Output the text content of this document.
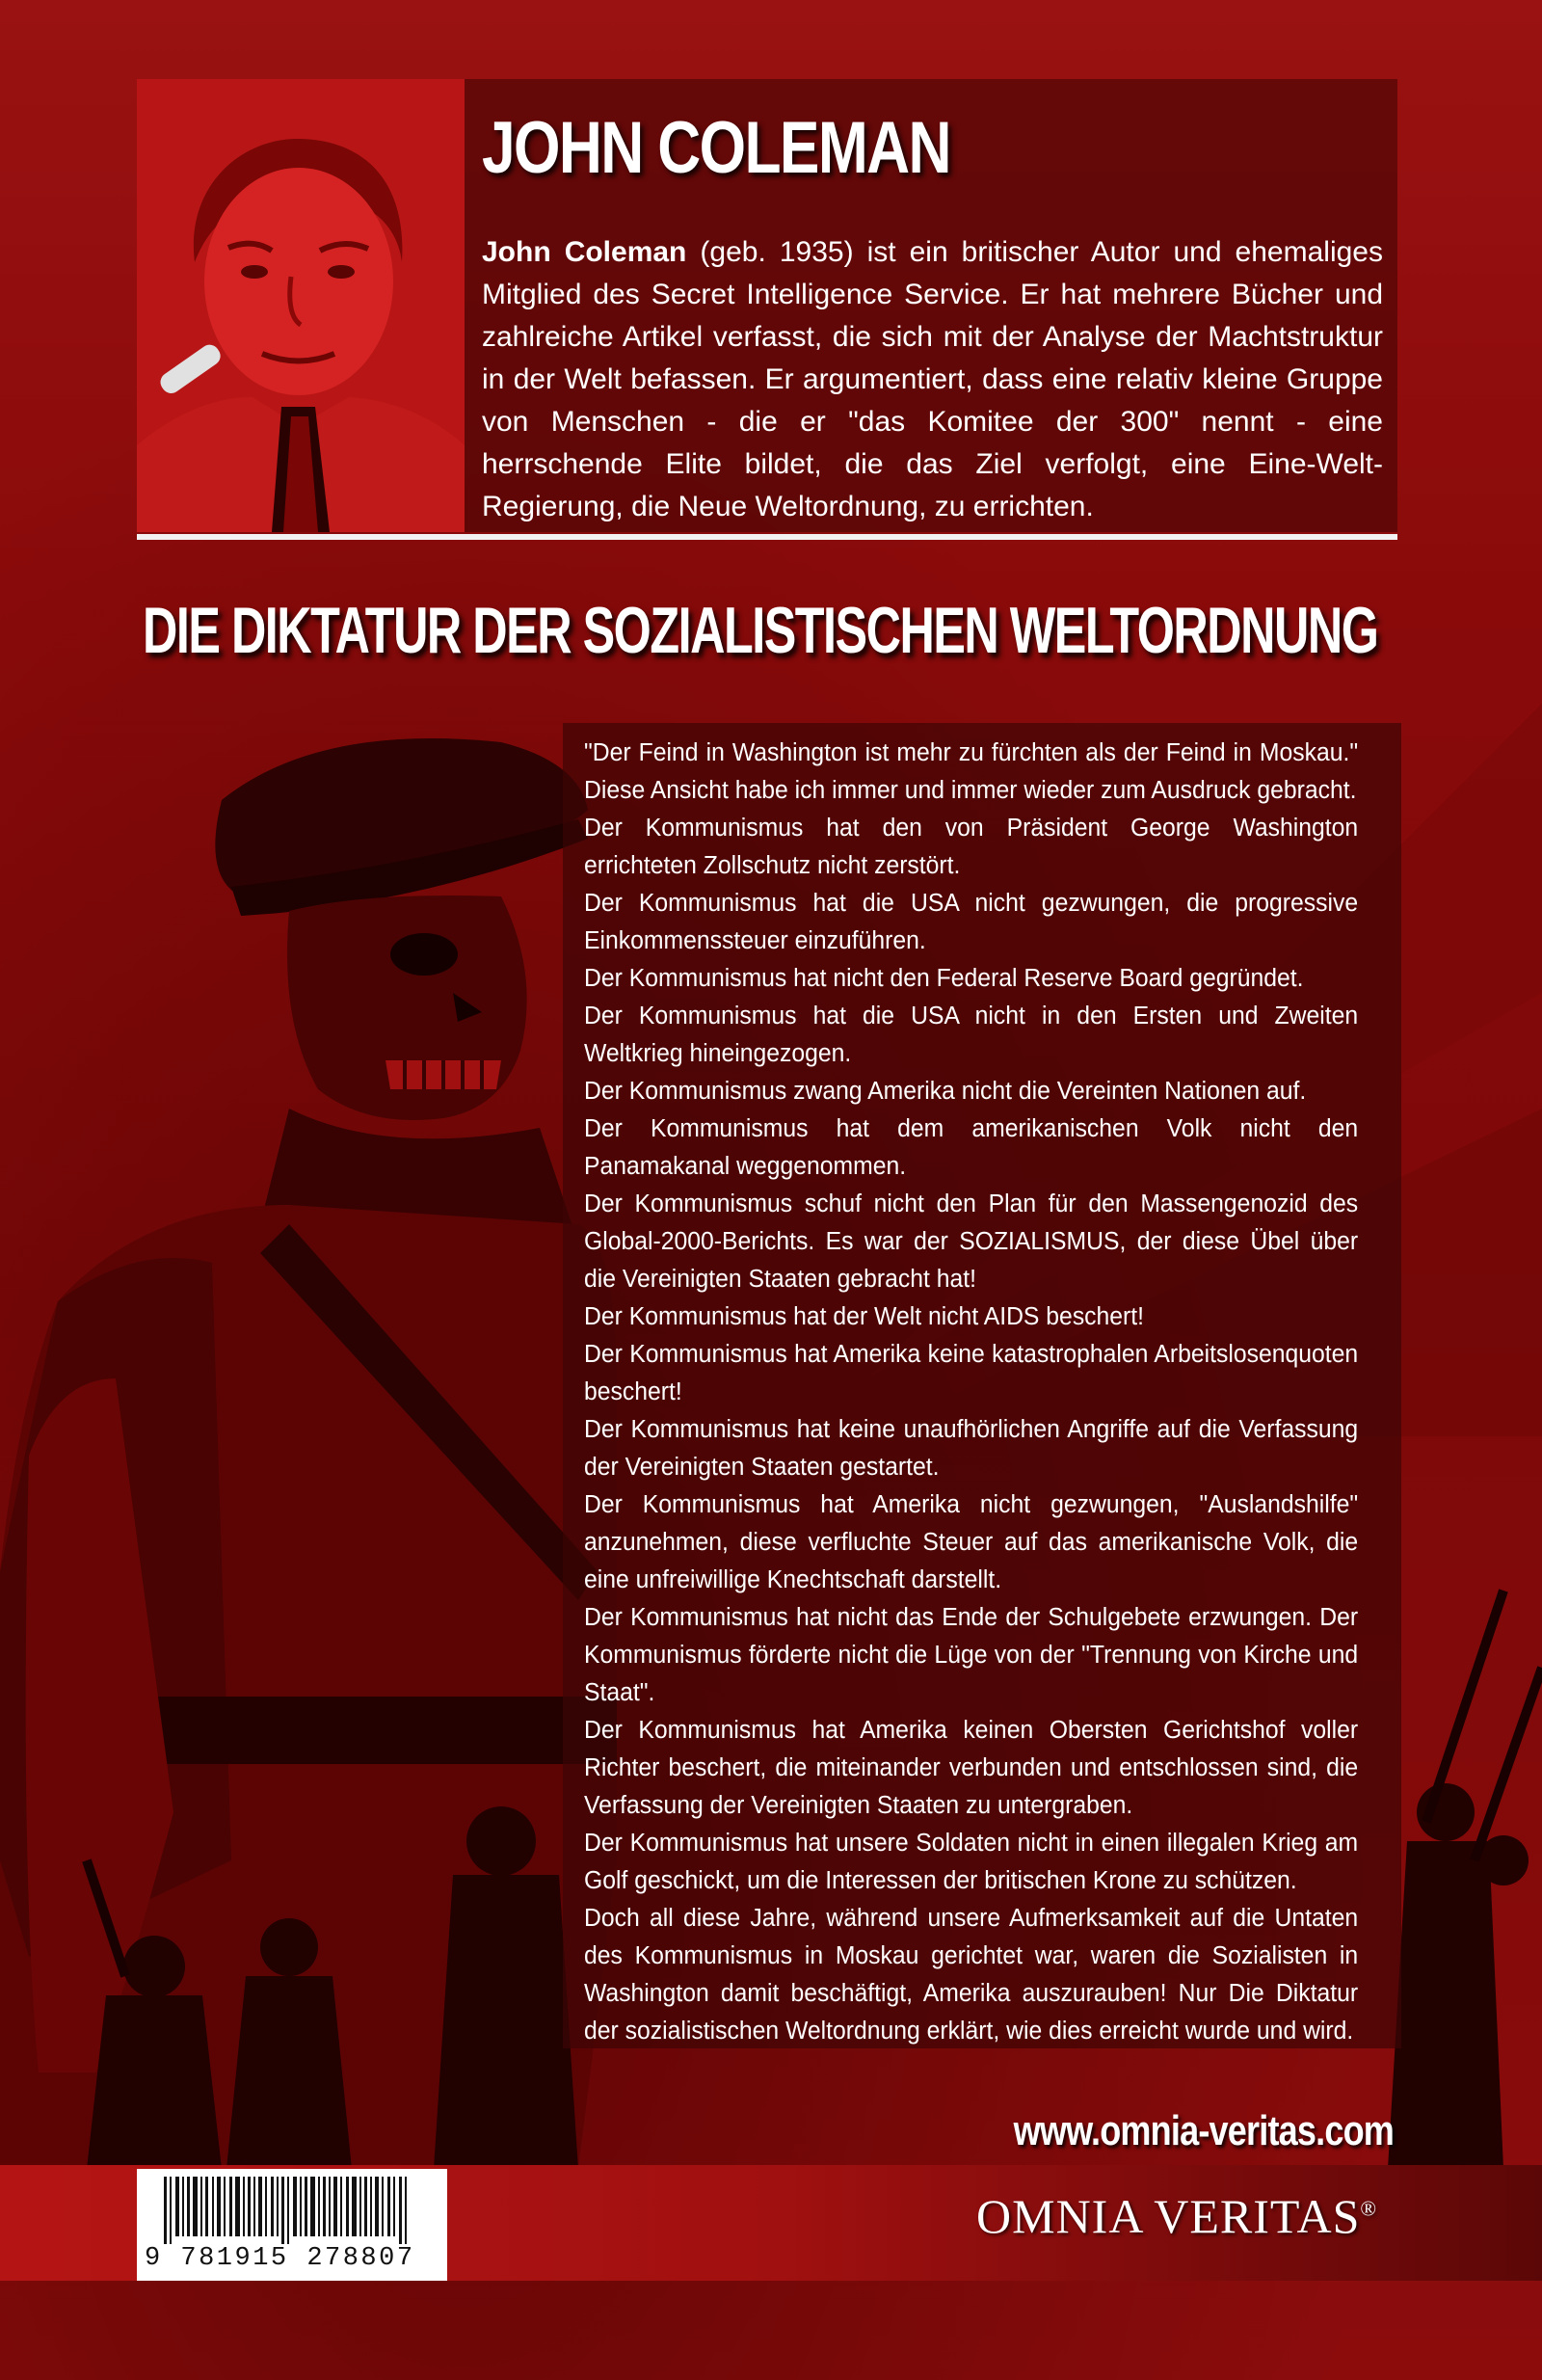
JOHN COLEMAN

John Coleman (geb. 1935) ist ein britischer Autor und ehemaliges Mitglied des Secret Intelligence Service. Er hat mehrere Bücher und zahlreiche Artikel verfasst, die sich mit der Analyse der Machtstruktur in der Welt befassen. Er argumentiert, dass eine relativ kleine Gruppe von Menschen - die er "das Komitee der 300" nennt - eine herrschende Elite bildet, die das Ziel verfolgt, eine Eine-Welt-Regierung, die Neue Weltordnung, zu errichten.

DIE DIKTATUR DER SOZIALISTISCHEN WELTORDNUNG

"Der Feind in Washington ist mehr zu fürchten als der Feind in Moskau." Diese Ansicht habe ich immer und immer wieder zum Ausdruck gebracht.

Der Kommunismus hat den von Präsident George Washington errichteten Zollschutz nicht zerstört.

Der Kommunismus hat die USA nicht gezwungen, die progressive Einkommenssteuer einzuführen.

Der Kommunismus hat nicht den Federal Reserve Board gegründet.

Der Kommunismus hat die USA nicht in den Ersten und Zweiten Weltkrieg hineingezogen.

Der Kommunismus zwang Amerika nicht die Vereinten Nationen auf.

Der Kommunismus hat dem amerikanischen Volk nicht den Panamakanal weggenommen.

Der Kommunismus schuf nicht den Plan für den Massengenozid des Global-2000-Berichts. Es war der SOZIALISMUS, der diese Übel über die Vereinigten Staaten gebracht hat!

Der Kommunismus hat der Welt nicht AIDS beschert!

Der Kommunismus hat Amerika keine katastrophalen Arbeitslosenquoten beschert!

Der Kommunismus hat keine unaufhörlichen Angriffe auf die Verfassung der Vereinigten Staaten gestartet.

Der Kommunismus hat Amerika nicht gezwungen, "Auslandshilfe" anzunehmen, diese verfluchte Steuer auf das amerikanische Volk, die eine unfreiwillige Knechtschaft darstellt.

Der Kommunismus hat nicht das Ende der Schulgebete erzwungen. Der Kommunismus förderte nicht die Lüge von der "Trennung von Kirche und Staat".

Der Kommunismus hat Amerika keinen Obersten Gerichtshof voller Richter beschert, die miteinander verbunden und entschlossen sind, die Verfassung der Vereinigten Staaten zu untergraben.

Der Kommunismus hat unsere Soldaten nicht in einen illegalen Krieg am Golf geschickt, um die Interessen der britischen Krone zu schützen.

Doch all diese Jahre, während unsere Aufmerksamkeit auf die Untaten des Kommunismus in Moskau gerichtet war, waren die Sozialisten in Washington damit beschäftigt, Amerika auszurauben! Nur Die Diktatur der sozialistischen Weltordnung erklärt, wie dies erreicht wurde und wird.

www.omnia-veritas.com
9 781915 278807
OMNIA VERITAS®
